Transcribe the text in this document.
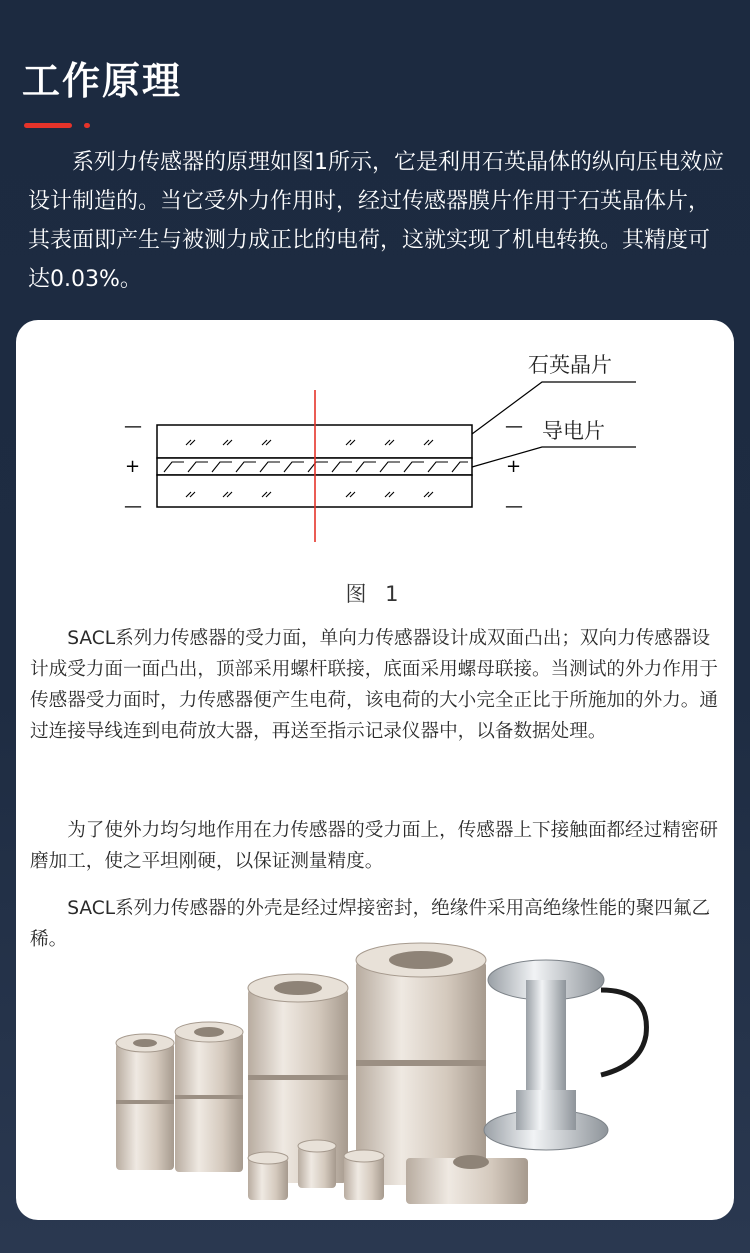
工作原理

系列力传感器的原理如图1所示，它是利用石英晶体的纵向压电效应设计制造的。当它受外力作用时，经过传感器膜片作用于石英晶体片，其表面即产生与被测力成正比的电荷，这就实现了机电转换。其精度可达0.03%。

石英晶片
导电片
—
+
—
—
+
—
图 1

SACL系列力传感器的受力面，单向力传感器设计成双面凸出；双向力传感器设计成受力面一面凸出，顶部采用螺杆联接，底面采用螺母联接。当测试的外力作用于传感器受力面时，力传感器便产生电荷，该电荷的大小完全正比于所施加的外力。通过连接导线连到电荷放大器，再送至指示记录仪器中，以备数据处理。

为了使外力均匀地作用在力传感器的受力面上，传感器上下接触面都经过精密研磨加工，使之平坦刚硬，以保证测量精度。

SACL系列力传感器的外壳是经过焊接密封，绝缘件采用高绝缘性能的聚四氟乙稀。
